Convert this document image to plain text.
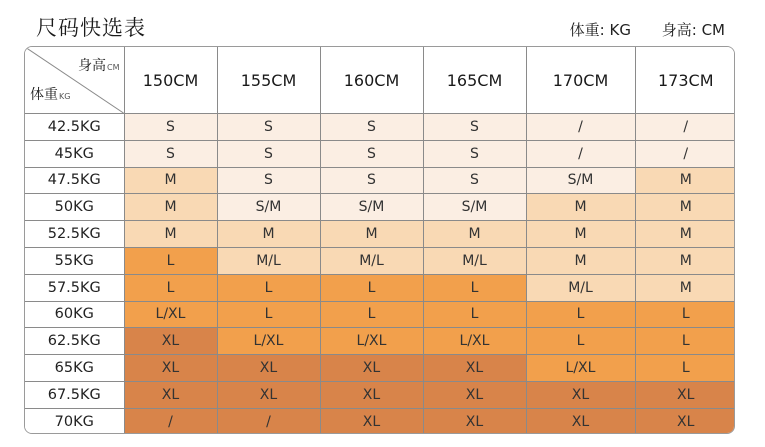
尺码快选表	体重: KG 身高: CM
身高CM
体重KG	150CM	155CM	160CM	165CM	170CM	173CM
42.5KG	S	S	S	S	/	/
45KG	S	S	S	S	/	/
47.5KG	M	S	S	S	S/M	M
50KG	M	S/M	S/M	S/M	M	M
52.5KG	M	M	M	M	M	M
55KG	L	M/L	M/L	M/L	M	M
57.5KG	L	L	L	L	M/L	M
60KG	L/XL	L	L	L	L	L
62.5KG	XL	L/XL	L/XL	L/XL	L	L
65KG	XL	XL	XL	XL	L/XL	L
67.5KG	XL	XL	XL	XL	XL	XL
70KG	/	/	XL	XL	XL	XL
